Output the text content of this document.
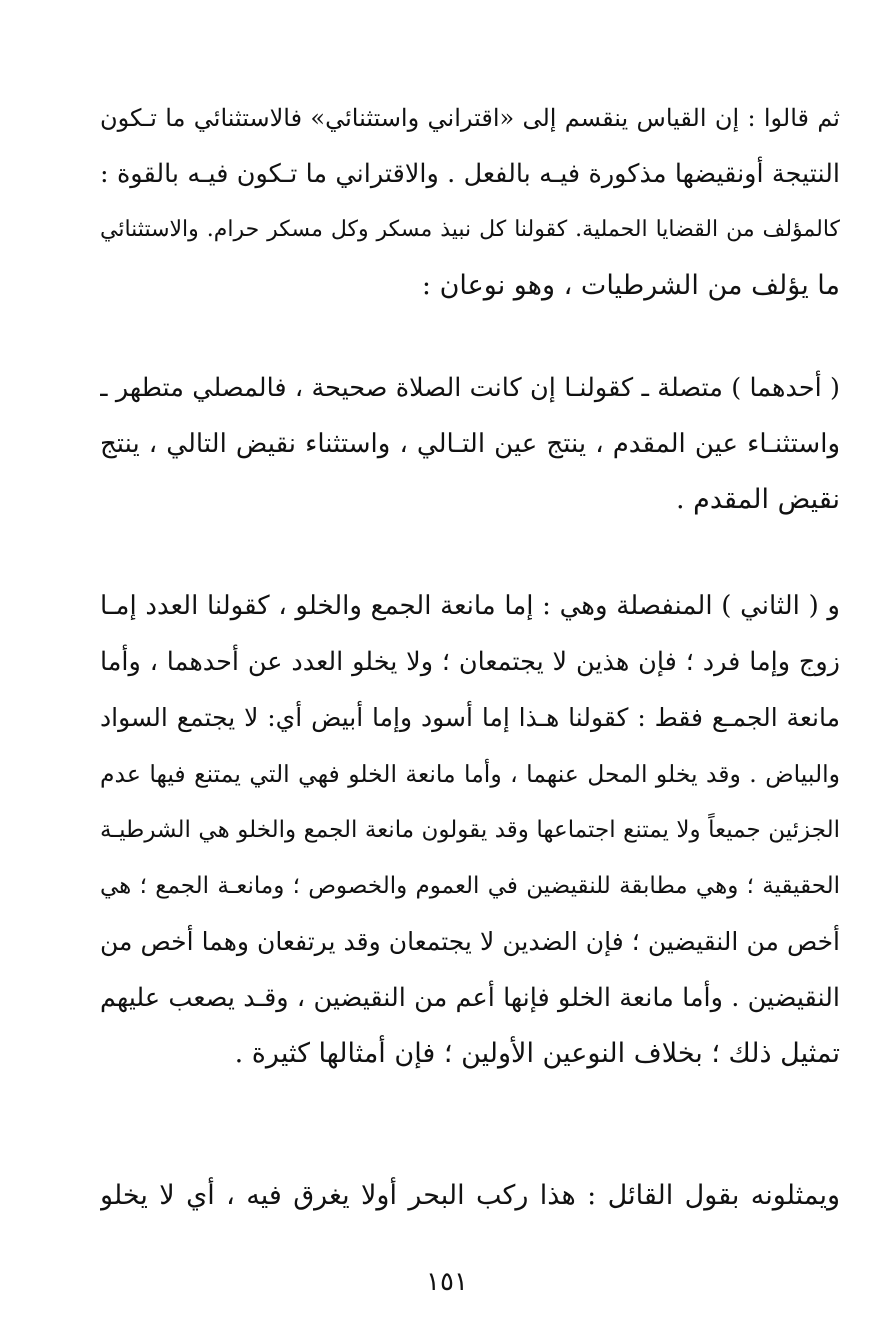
ثم قالوا : إن القياس ينقسم إلى «اقتراني واستثنائي» فالاستثنائي ما تـكون
النتيجة أونقيضها مذكورة فيـه بالفعل . والاقتراني ما تـكون فيـه بالقوة :
كالمؤلف من القضايا الحملية. كقولنا كل نبيذ مسكر وكل مسكر حرام. والاستثنائي
ما يؤلف من الشرطيات ، وهو نوعان :
( أحدهما ) متصلة ـ كقولنـا إن كانت الصلاة صحيحة ، فالمصلي متطهر ـ
واستثنـاء عين المقدم ، ينتج عين التـالي ، واستثناء نقيض التالي ، ينتج
نقيض المقدم .
و ( الثاني ) المنفصلة وهي : إما مانعة الجمع والخلو ، كقولنا العدد إمـا
زوج وإما فرد ؛ فإن هذين لا يجتمعان ؛ ولا يخلو العدد عن أحدهما ، وأما
مانعة الجمـع فقط : كقولنا هـذا إما أسود وإما أبيض أي: لا يجتمع السواد
والبياض . وقد يخلو المحل عنهما ، وأما مانعة الخلو فهي التي يمتنع فيها عدم
الجزئين جميعاً ولا يمتنع اجتماعها وقد يقولون مانعة الجمع والخلو هي الشرطيـة
الحقيقية ؛ وهي مطابقة للنقيضين في العموم والخصوص ؛ ومانعـة الجمع ؛ هي
أخص من النقيضين ؛ فإن الضدين لا يجتمعان وقد يرتفعان وهما أخص من
النقيضين . وأما مانعة الخلو فإنها أعم من النقيضين ، وقـد يصعب عليهم
تمثيل ذلك ؛ بخلاف النوعين الأولين ؛ فإن أمثالها كثيرة .
ويمثلونه بقول القائل : هذا ركب البحر أولا يغرق فيه ، أي لا يخلو
١٥١
